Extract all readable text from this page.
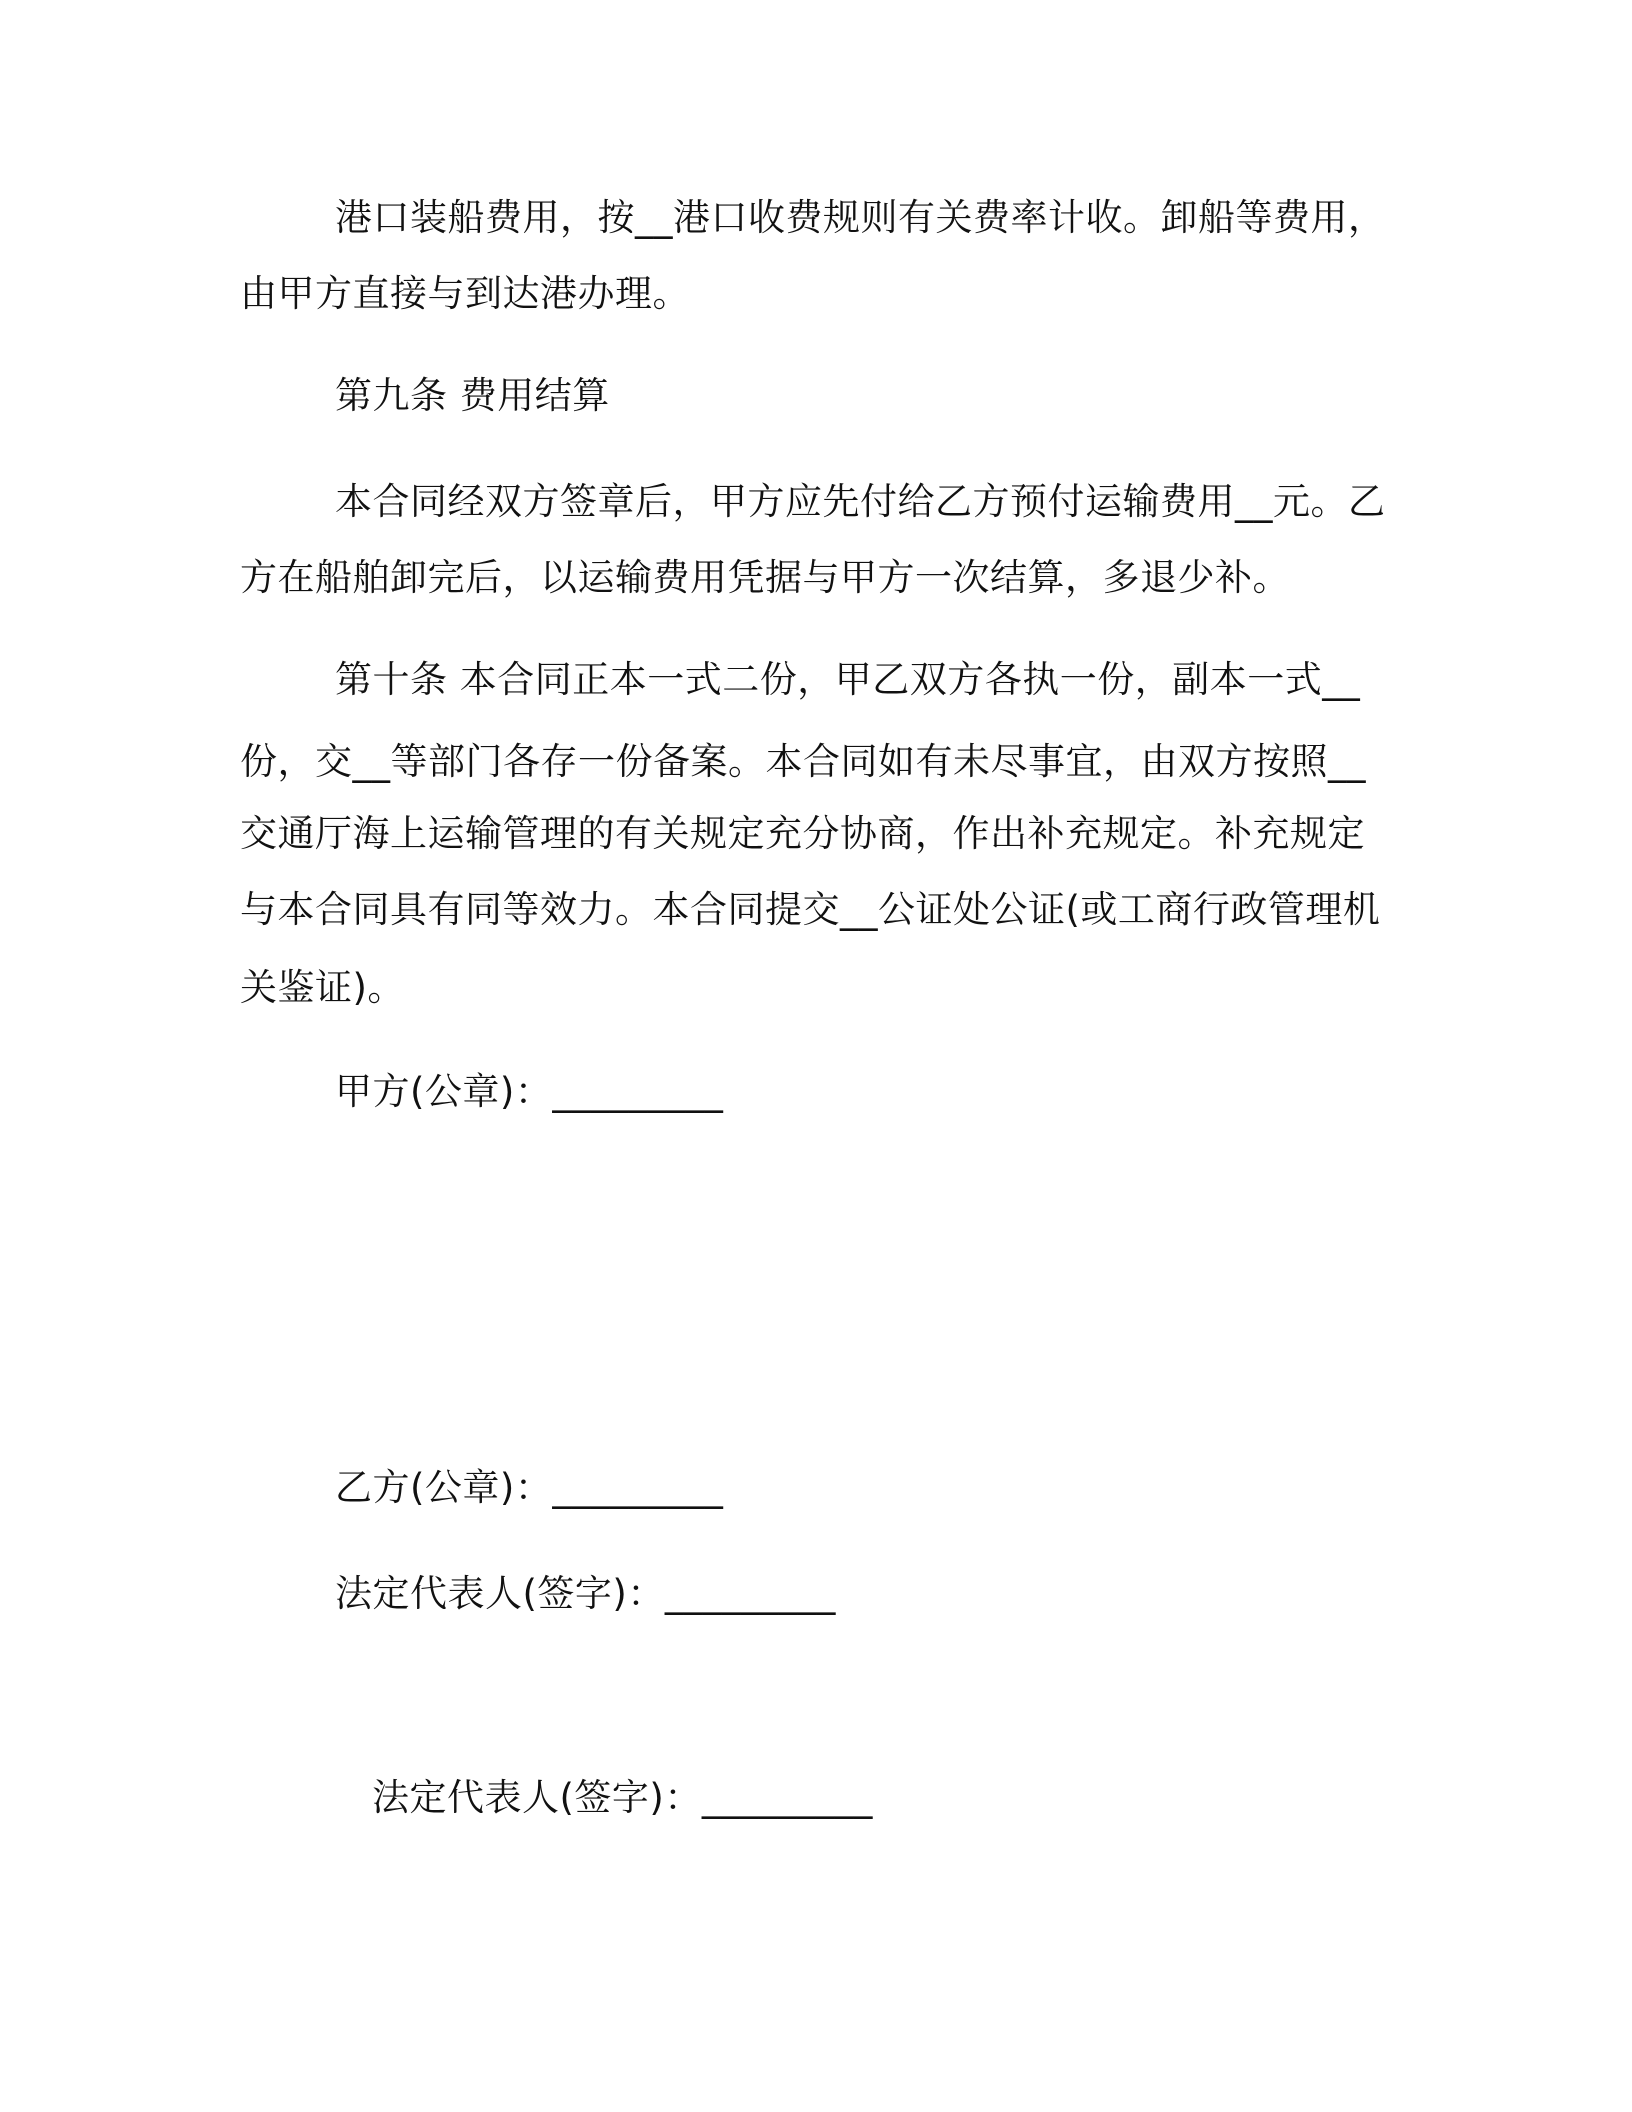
港口装船费用，按__港口收费规则有关费率计收。卸船等费用，
由甲方直接与到达港办理。
第九条 费用结算
本合同经双方签章后，甲方应先付给乙方预付运输费用__元。乙
方在船舶卸完后，以运输费用凭据与甲方一次结算，多退少补。
第十条 本合同正本一式二份，甲乙双方各执一份，副本一式__
份，交__等部门各存一份备案。本合同如有未尽事宜，由双方按照__
交通厅海上运输管理的有关规定充分协商，作出补充规定。补充规定
与本合同具有同等效力。本合同提交__公证处公证(或工商行政管理机
关鉴证)。
甲方(公章)：_________
乙方(公章)：_________
法定代表人(签字)：_________
法定代表人(签字)：_________
